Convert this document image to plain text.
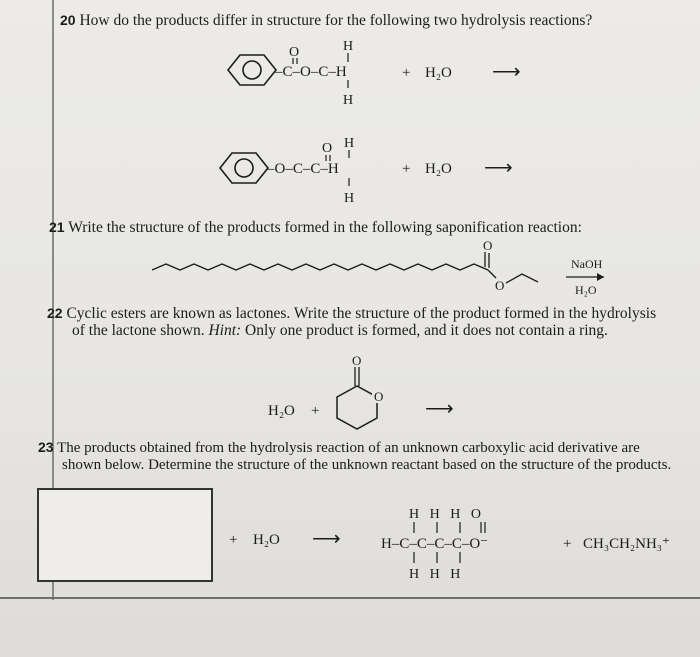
20 How do the products differ in structure for the following two hydrolysis reactions?
O	H
–C–O–C–H
H
+ H₂O ⟶
O H
–O–C–C–H
H
+ H₂O ⟶
O
O
NaOH
H₂O
H₂O +
O
O
⟶
+ H₂O ⟶
H   H   H   O
H–C–C–C–C–O⁻
H   H   H
+ CH₃CH₂NH₃⁺
21 Write the structure of the products formed in the following saponification reaction:
22 Cyclic esters are known as lactones. Write the structure of the product formed in the hydrolysis
of the lactone shown. Hint: Only one product is formed, and it does not contain a ring.
23 The products obtained from the hydrolysis reaction of an unknown carboxylic acid derivative are
shown below. Determine the structure of the unknown reactant based on the structure of the products.
